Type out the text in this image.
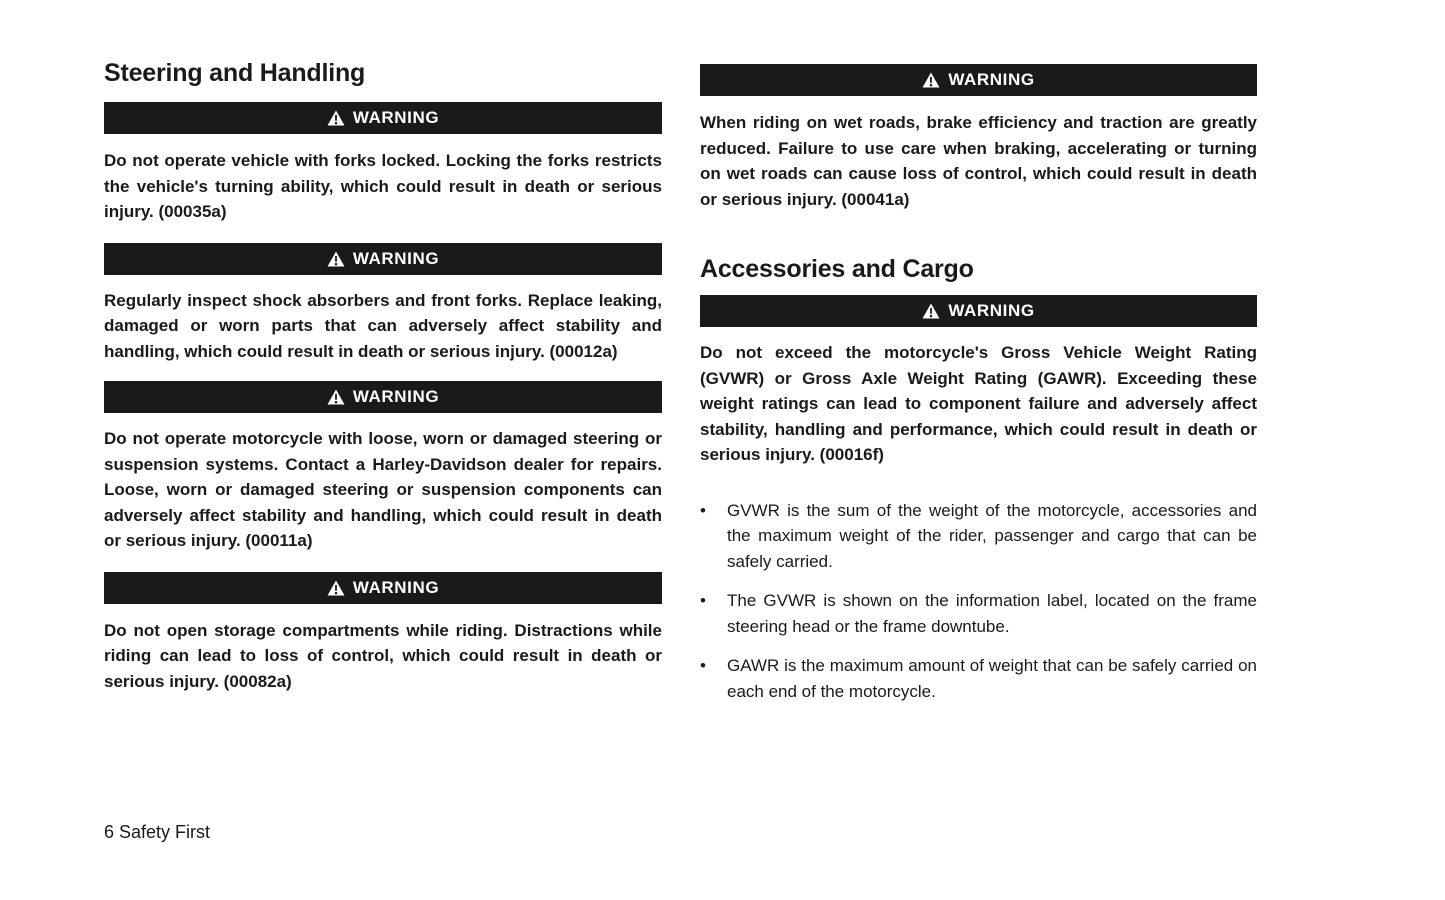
Steering and Handling
WARNING

Do not operate vehicle with forks locked. Locking the forks restricts the vehicle's turning ability, which could result in death or serious injury. (00035a)

WARNING

Regularly inspect shock absorbers and front forks. Replace leaking, damaged or worn parts that can adversely affect stability and handling, which could result in death or serious injury. (00012a)

WARNING

Do not operate motorcycle with loose, worn or damaged steering or suspension systems. Contact a Harley-Davidson dealer for repairs. Loose, worn or damaged steering or suspension components can adversely affect stability and handling, which could result in death or serious injury. (00011a)

WARNING

Do not open storage compartments while riding. Distractions while riding can lead to loss of control, which could result in death or serious injury. (00082a)

WARNING

When riding on wet roads, brake efficiency and traction are greatly reduced. Failure to use care when braking, accelerating or turning on wet roads can cause loss of control, which could result in death or serious injury. (00041a)

Accessories and Cargo
WARNING

Do not exceed the motorcycle's Gross Vehicle Weight Rating (GVWR) or Gross Axle Weight Rating (GAWR). Exceeding these weight ratings can lead to component failure and adversely affect stability, handling and performance, which could result in death or serious injury. (00016f)

•	GVWR is the sum of the weight of the motorcycle, accessories and the maximum weight of the rider, passenger and cargo that can be safely carried.
•	The GVWR is shown on the information label, located on the frame steering head or the frame downtube.
•	GAWR is the maximum amount of weight that can be safely carried on each end of the motorcycle.
6 Safety First
